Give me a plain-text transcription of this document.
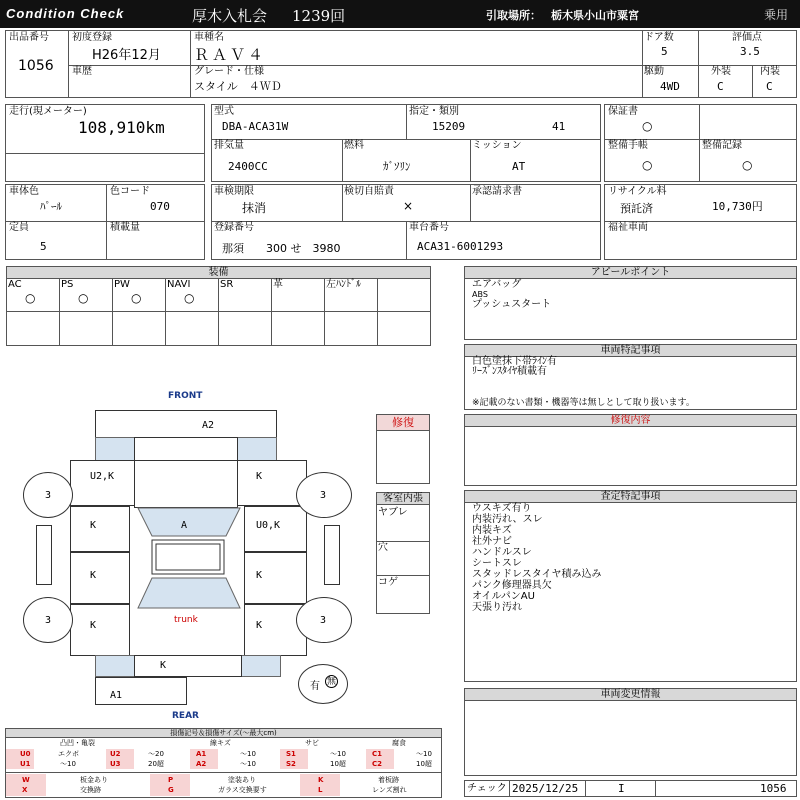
Condition Check	厚木入札会 1239回	引取場所： 栃木県小山市粟宮	乗用
出品番号
1056
初度登録
H26年12月
車種名
ＲＡＶ４
ドア数
5
評価点
3.5
車歴	グレード・仕様
スタイル　４ＷＤ
駆動
4WD
外装
C
内装
C
走行(現メーター)
108,910km
型式
DBA-ACA31W
指定・類別
15209	41
排気量
2400CC
燃料
ｶﾞｿﾘﾝ
ミッション
AT
保証書
○
整備手帳
○
整備記録
○
車体色
ﾊﾟｰﾙ
色コード
070
定員
5
積載量
車検期限
抹消
検切自賠責
×
承認請求書
登録番号
那須　　300 せ　3980
車台番号
ACA31-6001293
リサイクル料
預託済	10,730円
福祉車両
装備
AC	PS	PW	NAVI	SR	革	左ﾊﾝﾄﾞﾙ
○	○	○	○
アピールポイント
エアバッグ
ABS
プッシュスタート
車両特記事項
白色塗抹下帯ﾗｲﾝ有
ﾘｰｽﾞﾝｽﾀｲﾔ積載有
※記載のない書類・機器等は無しとして取り扱います。
修復内容
査定特記事項
ウスキズ有り
内装汚れ、スレ
内装キズ
社外ナビ
ハンドルスレ
シートスレ
スタッドレスタイヤ積み込み
パンク修理器具欠
オイルパンAU
天張り汚れ
車両変更情報
チェック 2025/12/25	I	1056
修復
客室内張
ヤブレ
穴
コゲ
FRONT
REAR
A2
U2,K	K
K	U0,K
K	K
K	K
A
trunk
K
A1
3	3
3	3
有 無
損傷記号＆損傷サイズ(〜最大cm)
凸凹・亀裂	線キズ	サビ	腐食
U0	エクボ	U2	〜20	A1	〜10	S1	〜10	C1	〜10
U1	〜10	U3	20超	A2	〜10	S2	10超	C2	10超
W	板金あり	P	塗装あり	K	着板跡
X	交換跡	G	ガラス交換要す	L	レンズ割れ
